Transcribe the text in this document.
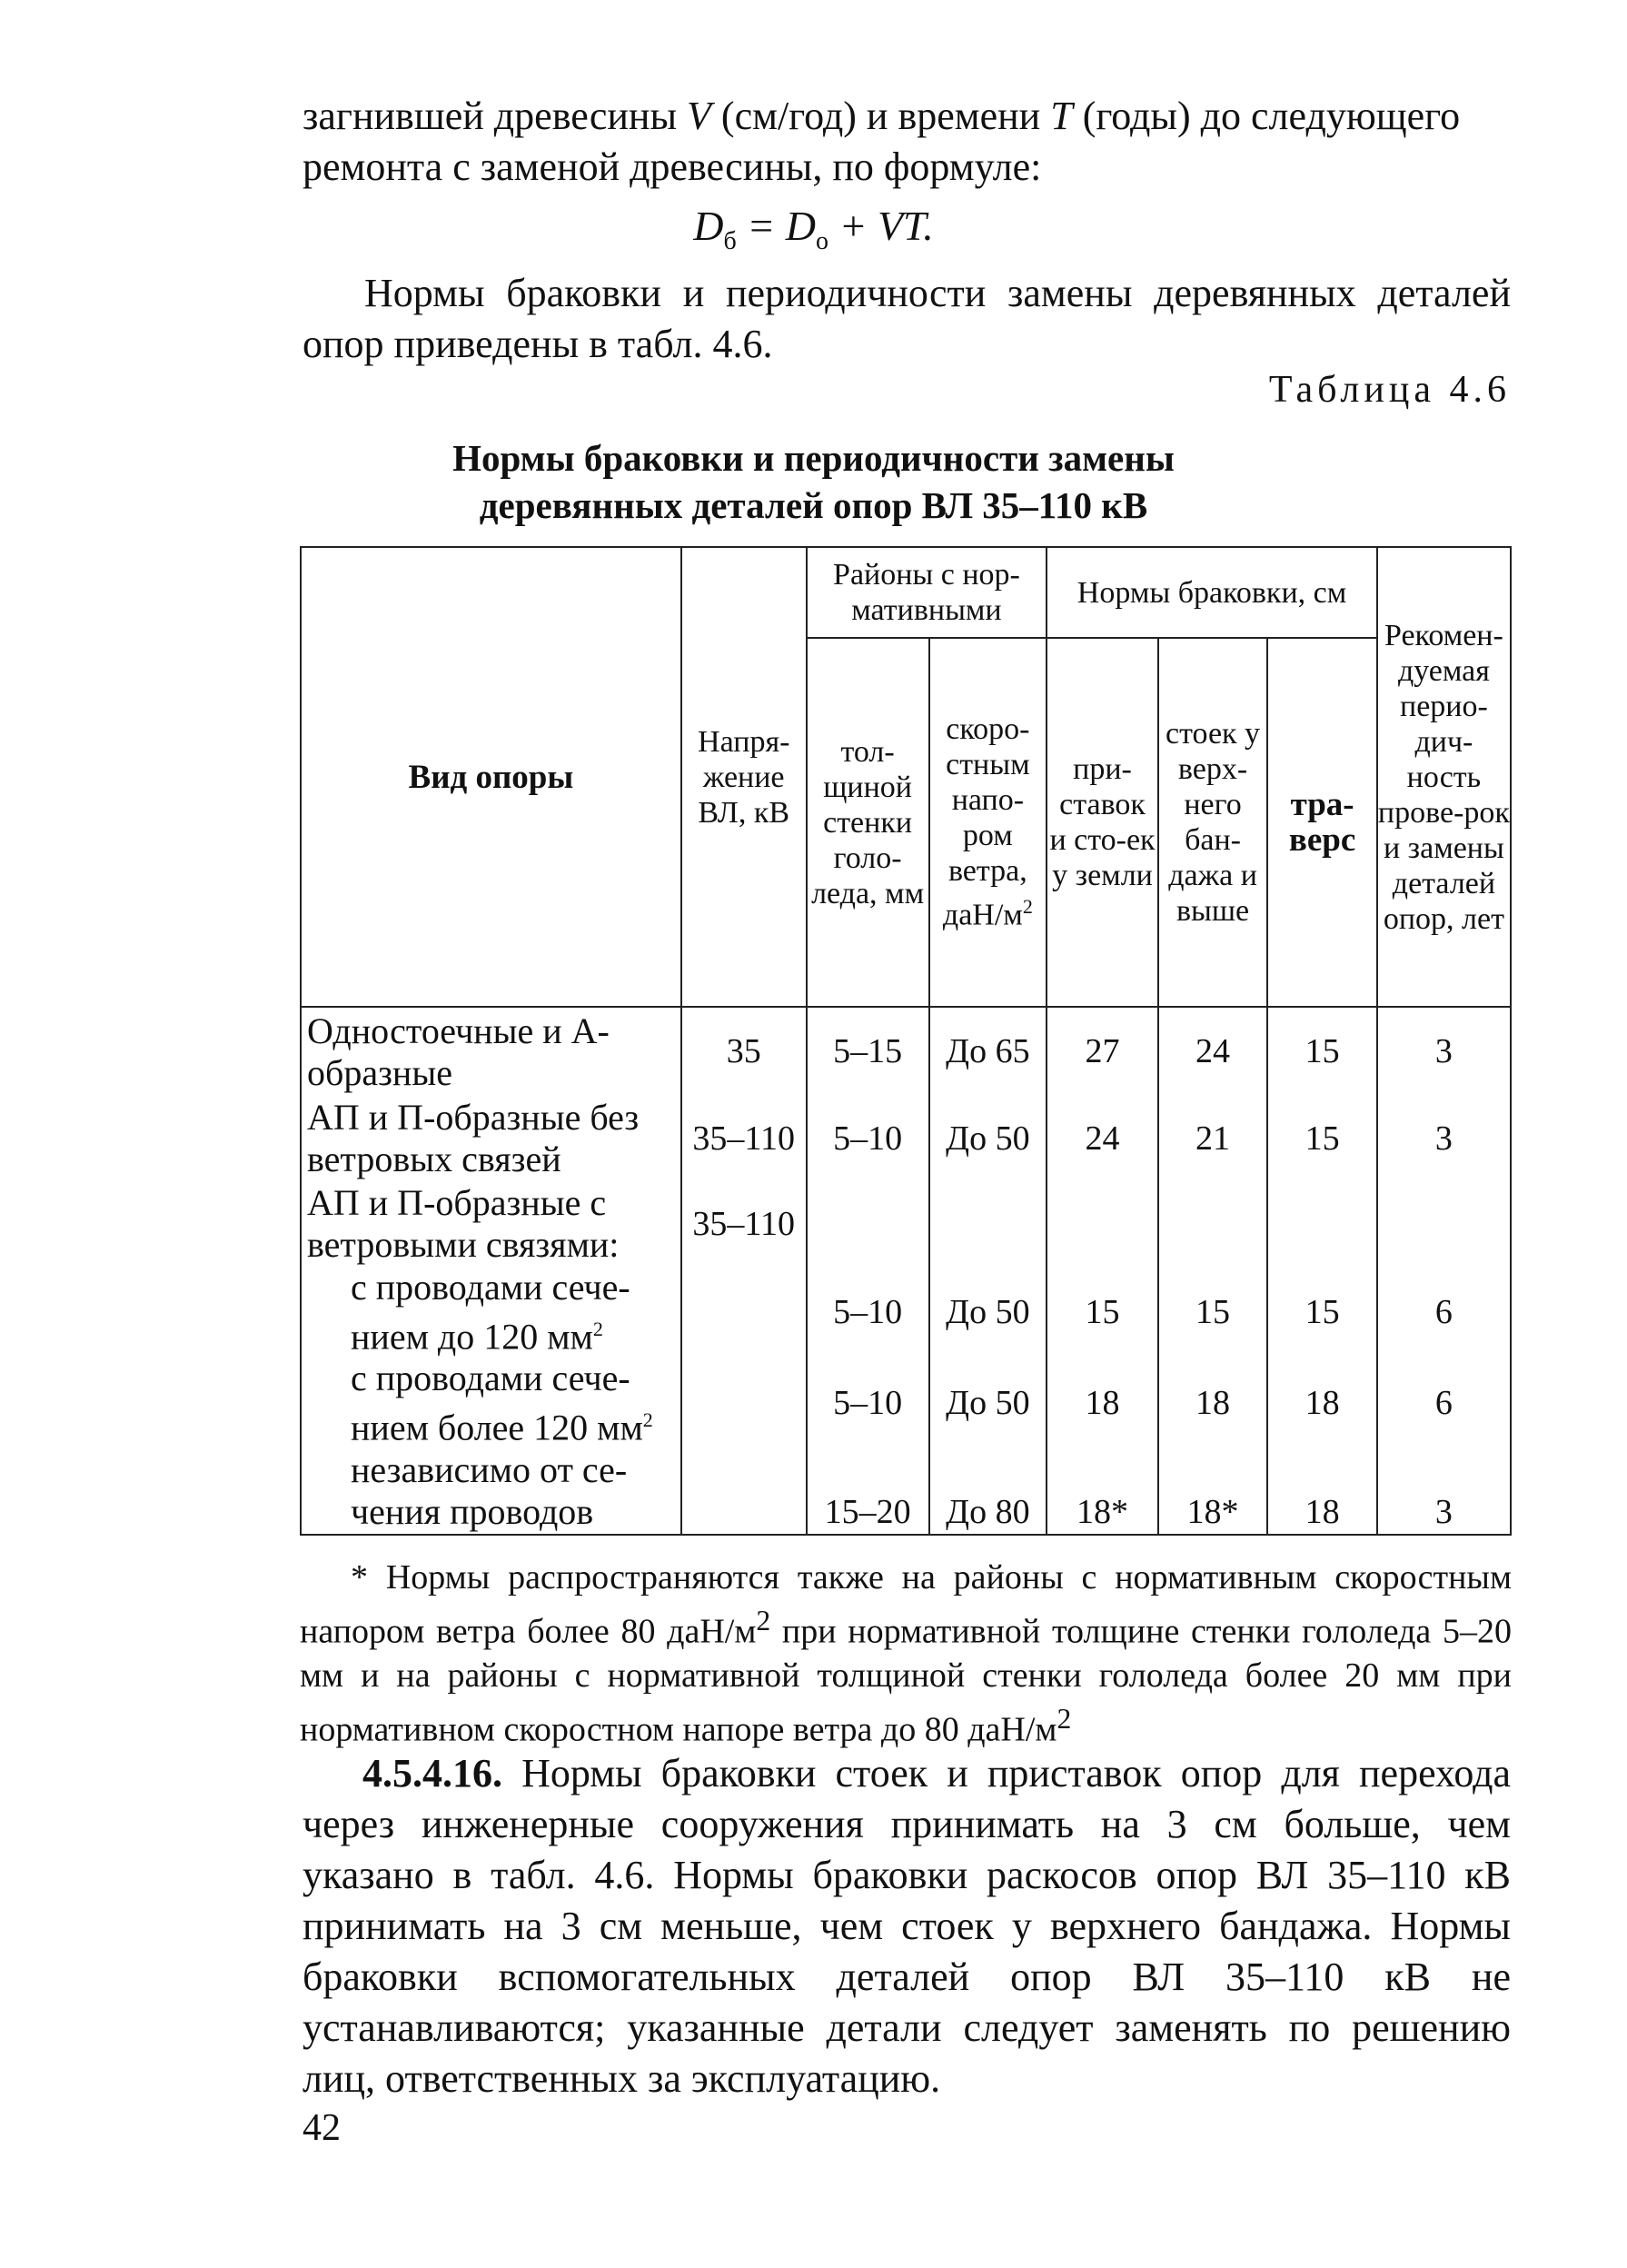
загнившей древесины V (см/год) и времени T (годы) до следующего
ремонта с заменой древесины, по формуле:
$D_б = D_о$ + VT.
Нормы браковки и периодичности замены деревянных деталей опор приведены в табл. 4.6.
Таблица 4.6
Нормы браковки и периодичности замены
деревянных деталей опор ВЛ 35–110 кВ
Вид опоры	Напря-жение ВЛ, кВ	Районы с нор-мативными		Нормы браковки, см			Рекомен-дуемая перио-дич-ность прове-рок и замены деталей опор, лет
		тол-щиной стенки голо-леда, мм	скоро-стным напо-ром ветра, даН/$м^2$	при-ставок и сто-ек у земли	стоек у верх-него бан-дажа и выше	тра-верс	
Одностоечные и А-образные	35	5–15	До 65	27	24	15	3
АП и П-образные без ветровых связей	35–110	5–10	До 50	24	21	15	3
АП и П-образные с ветровыми связями:	35–110						
с проводами сече-нием до 120 $мм^2$		5–10	До 50	15	15	15	6
с проводами сече-нием более 120 $мм^2$		5–10	До 50	18	18	18	6
независимо от се-чения проводов		15–20	До 80	18*	18*	18	3
* Нормы распространяются также на районы с нормативным скоростным напором ветра более 80 даН/$м^2$ при нормативной толщине стенки гололеда 5–20 мм и на районы с нормативной толщиной стенки гололеда более 20 мм при нормативном скоростном напоре ветра до 80 даН/$м^2$
4.5.4.16. Нормы браковки стоек и приставок опор для перехода через инженерные сооружения принимать на 3 см больше, чем указано в табл. 4.6. Нормы браковки раскосов опор ВЛ 35–110 кВ принимать на 3 см меньше, чем стоек у верхнего бандажа. Нормы браковки вспомогательных деталей опор ВЛ 35–110 кВ не устанавливаются; указанные детали следует заменять по решению лиц, ответственных за эксплуатацию.
42
